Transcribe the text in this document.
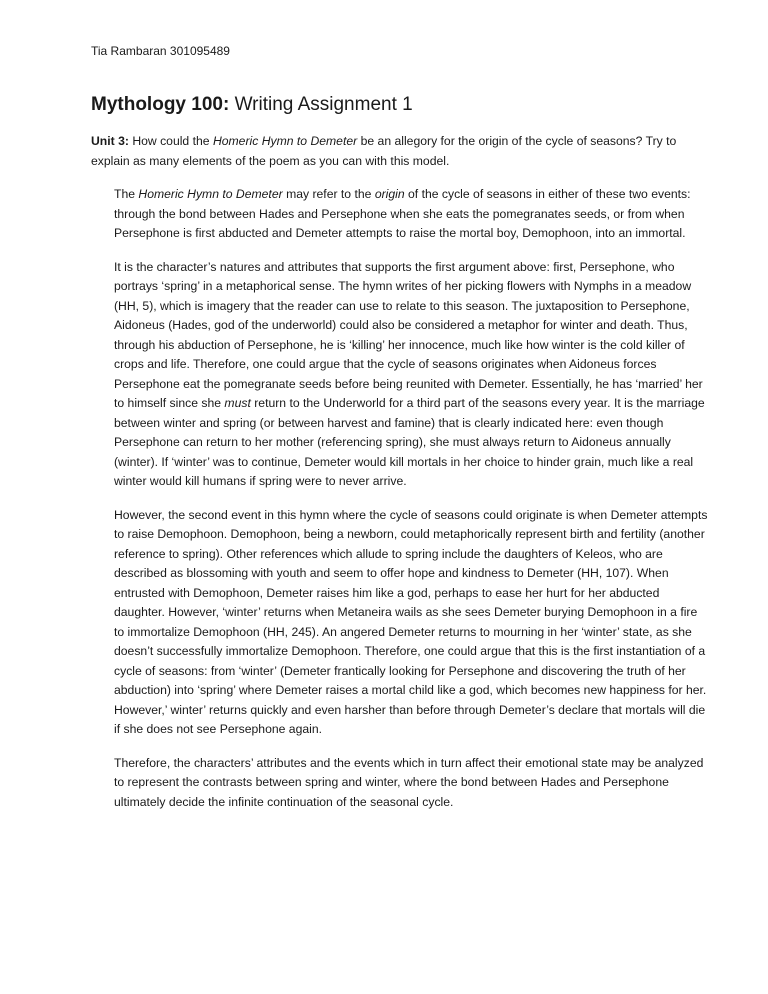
Tia Rambaran 301095489
Mythology 100: Writing Assignment 1

Unit 3: How could the Homeric Hymn to Demeter be an allegory for the origin of the cycle of seasons? Try to explain as many elements of the poem as you can with this model.

The Homeric Hymn to Demeter may refer to the origin of the cycle of seasons in either of these two events: through the bond between Hades and Persephone when she eats the pomegranates seeds, or from when Persephone is first abducted and Demeter attempts to raise the mortal boy, Demophoon, into an immortal.

It is the character’s natures and attributes that supports the first argument above: first, Persephone, who portrays ‘spring’ in a metaphorical sense. The hymn writes of her picking flowers with Nymphs in a meadow (HH, 5), which is imagery that the reader can use to relate to this season. The juxtaposition to Persephone, Aidoneus (Hades, god of the underworld) could also be considered a metaphor for winter and death. Thus, through his abduction of Persephone, he is ‘killing’ her innocence, much like how winter is the cold killer of crops and life. Therefore, one could argue that the cycle of seasons originates when Aidoneus forces Persephone eat the pomegranate seeds before being reunited with Demeter. Essentially, he has ‘married’ her to himself since she must return to the Underworld for a third part of the seasons every year. It is the marriage between winter and spring (or between harvest and famine) that is clearly indicated here: even though Persephone can return to her mother (referencing spring), she must always return to Aidoneus annually (winter). If ‘winter’ was to continue, Demeter would kill mortals in her choice to hinder grain, much like a real winter would kill humans if spring were to never arrive.

However, the second event in this hymn where the cycle of seasons could originate is when Demeter attempts to raise Demophoon. Demophoon, being a newborn, could metaphorically represent birth and fertility (another reference to spring). Other references which allude to spring include the daughters of Keleos, who are described as blossoming with youth and seem to offer hope and kindness to Demeter (HH, 107). When entrusted with Demophoon, Demeter raises him like a god, perhaps to ease her hurt for her abducted daughter. However, ‘winter’ returns when Metaneira wails as she sees Demeter burying Demophoon in a fire to immortalize Demophoon (HH, 245). An angered Demeter returns to mourning in her ‘winter’ state, as she doesn’t successfully immortalize Demophoon. Therefore, one could argue that this is the first instantiation of a cycle of seasons: from ‘winter’ (Demeter frantically looking for Persephone and discovering the truth of her abduction) into ‘spring’ where Demeter raises a mortal child like a god, which becomes new happiness for her. However,’ winter’ returns quickly and even harsher than before through Demeter’s declare that mortals will die if she does not see Persephone again.

Therefore, the characters’ attributes and the events which in turn affect their emotional state may be analyzed to represent the contrasts between spring and winter, where the bond between Hades and Persephone ultimately decide the infinite continuation of the seasonal cycle.
